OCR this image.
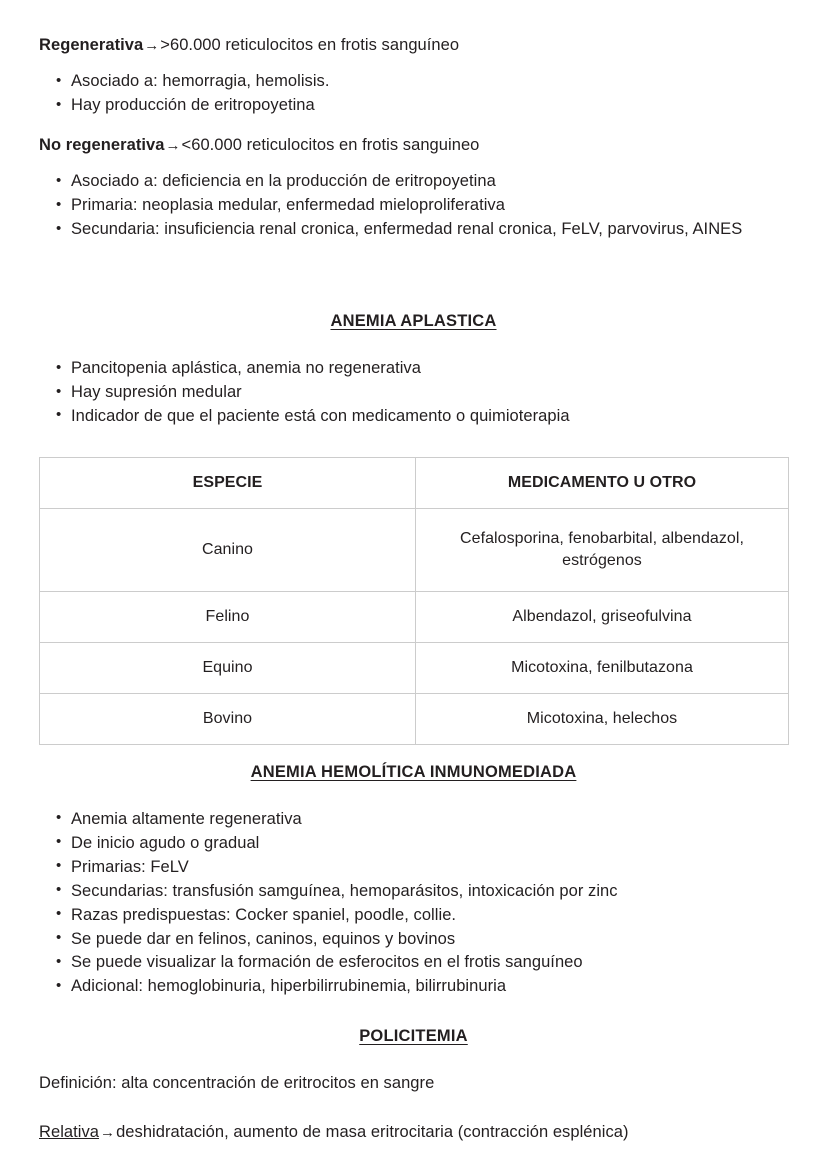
Regenerativa→>60.000 reticulocitos en frotis sanguíneo

• Asociado a: hemorragia, hemolisis.
• Hay producción de eritropoyetina

No regenerativa→<60.000 reticulocitos en frotis sanguineo

• Asociado a: deficiencia en la producción de eritropoyetina
• Primaria: neoplasia medular, enfermedad mieloproliferativa
• Secundaria: insuficiencia renal cronica, enfermedad renal cronica, FeLV, parvovirus, AINES
ANEMIA APLASTICA
• Pancitopenia aplástica, anemia no regenerativa
• Hay supresión medular
• Indicador de que el paciente está con medicamento o quimioterapia
ESPECIE	MEDICAMENTO U OTRO
Canino	Cefalosporina, fenobarbital, albendazol, estrógenos
Felino	Albendazol, griseofulvina
Equino	Micotoxina, fenilbutazona
Bovino	Micotoxina, helechos
ANEMIA HEMOLÍTICA INMUNOMEDIADA
• Anemia altamente regenerativa
• De inicio agudo o gradual
• Primarias: FeLV
• Secundarias: transfusión samguínea, hemoparásitos, intoxicación por zinc
• Razas predispuestas: Cocker spaniel, poodle, collie.
• Se puede dar en felinos, caninos, equinos y bovinos
• Se puede visualizar la formación de esferocitos en el frotis sanguíneo
• Adicional: hemoglobinuria, hiperbilirrubinemia, bilirrubinuria
POLICITEMIA

Definición: alta concentración de eritrocitos en sangre

Relativa→deshidratación, aumento de masa eritrocitaria (contracción esplénica)
